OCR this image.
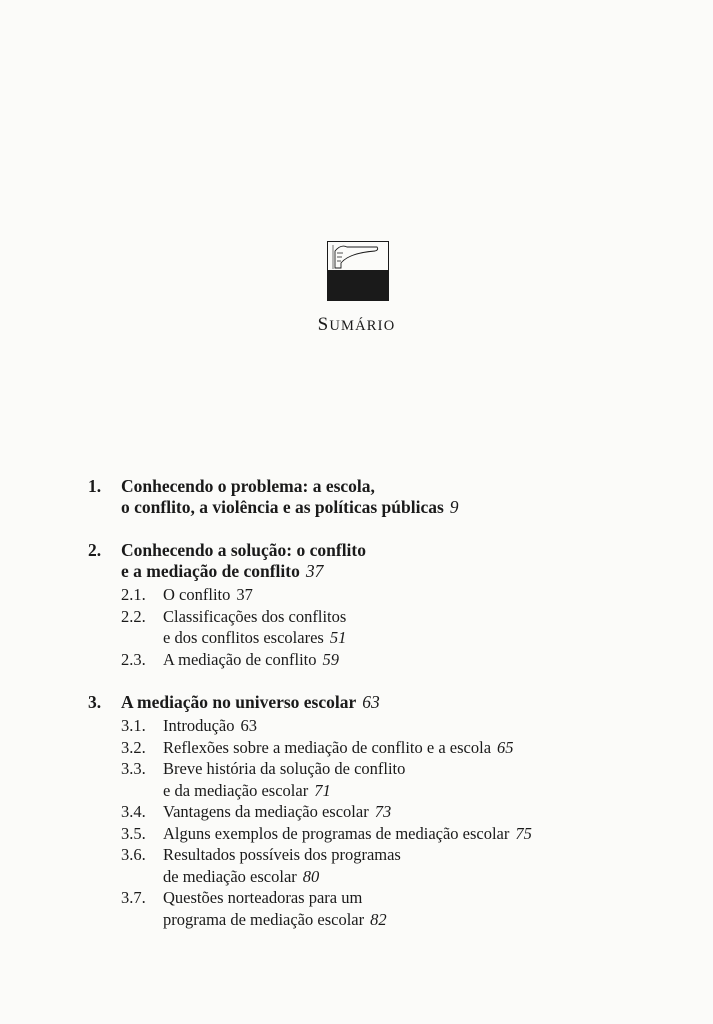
SUMÁRIO
1. Conhecendo o problema: a escola,
o conflito, a violência e as políticas públicas 9
2. Conhecendo a solução: o conflito
e a mediação de conflito 37
2.1. O conflito 37
2.2. Classificações dos conflitos
e dos conflitos escolares 51
2.3. A mediação de conflito 59
3. A mediação no universo escolar 63
3.1. Introdução 63
3.2. Reflexões sobre a mediação de conflito e a escola 65
3.3. Breve história da solução de conflito
e da mediação escolar 71
3.4. Vantagens da mediação escolar 73
3.5. Alguns exemplos de programas de mediação escolar 75
3.6. Resultados possíveis dos programas
de mediação escolar 80
3.7. Questões norteadoras para um
programa de mediação escolar 82
